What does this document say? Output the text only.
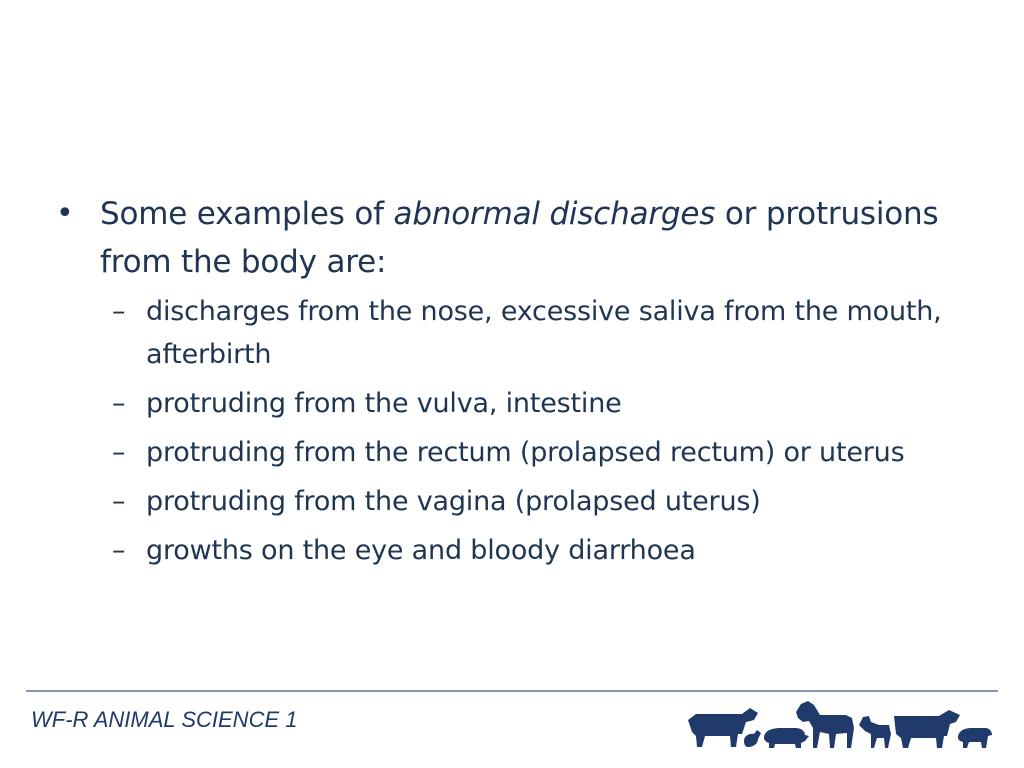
• Some examples of abnormal discharges or protrusions from the body are:
– discharges from the nose, excessive saliva from the mouth, afterbirth
– protruding from the vulva, intestine
– protruding from the rectum (prolapsed rectum) or uterus
– protruding from the vagina (prolapsed uterus)
– growths on the eye and bloody diarrhoea
WF-R ANIMAL SCIENCE 1
